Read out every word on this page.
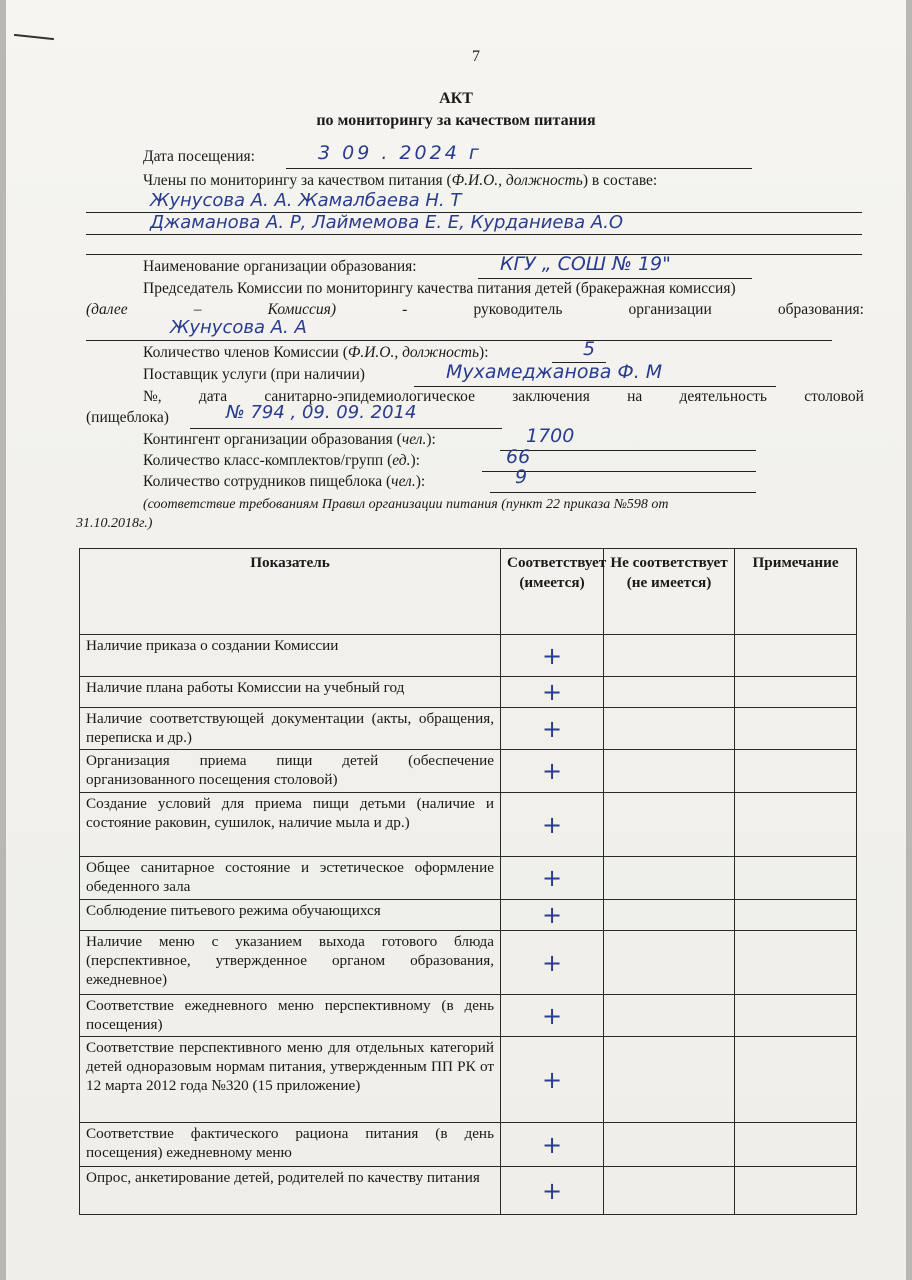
7
АКТ
по мониторингу за качеством питания
Дата посещения:	3 09 . 2024 г
Члены по мониторингу за качеством питания (Ф.И.О., должность) в составе:
Жунусова А. А. Жамалбаева Н. Т
Джаманова А. Р, Лаймемова Е. Е, Курданиева А.О
Наименование организации образования:	КГУ „ СОШ № 19"
Председатель Комиссии по мониторингу качества питания детей (бракеражная комиссия)
(далее	–	Комиссия)	-	руководитель	организации	образования:
Жунусова А. А
Количество членов Комиссии (Ф.И.О., должность):	5
Поставщик услуги (при наличии)	Мухамеджанова Ф. М
№, дата санитарно-эпидемиологическое заключения на деятельность столовой
(пищеблока)	№ 794 , 09. 09. 2014
Контингент организации образования (чел.):	1700
Количество класс-комплектов/групп (ед.):	66
Количество сотрудников пищеблока (чел.):	9
(соответствие требованиям Правил организации питания (пункт 22 приказа №598 от
31.10.2018г.)
Показатель	Соответствует (имеется)	Не соответствует (не имеется)	Примечание
Наличие приказа о создании Комиссии	+		
Наличие плана работы Комиссии на учебный год	+		
Наличие соответствующей документации (акты, обращения, переписка и др.)	+		
Организация приема пищи детей (обеспечение организованного посещения столовой)	+		
Создание условий для приема пищи детьми (наличие и состояние раковин, сушилок, наличие мыла и др.)	+		
Общее санитарное состояние и эстетическое оформление обеденного зала	+		
Соблюдение питьевого режима обучающихся	+		
Наличие меню с указанием выхода готового блюда (перспективное, утвержденное органом образования, ежедневное)	+		
Соответствие ежедневного меню перспективному (в день посещения)	+		
Соответствие перспективного меню для отдельных категорий детей одноразовым нормам питания, утвержденным ПП РК от 12 марта 2012 года №320 (15 приложение)	+		
Соответствие фактического рациона питания (в день посещения) ежедневному меню	+		
Опрос, анкетирование детей, родителей по качеству питания	+		
